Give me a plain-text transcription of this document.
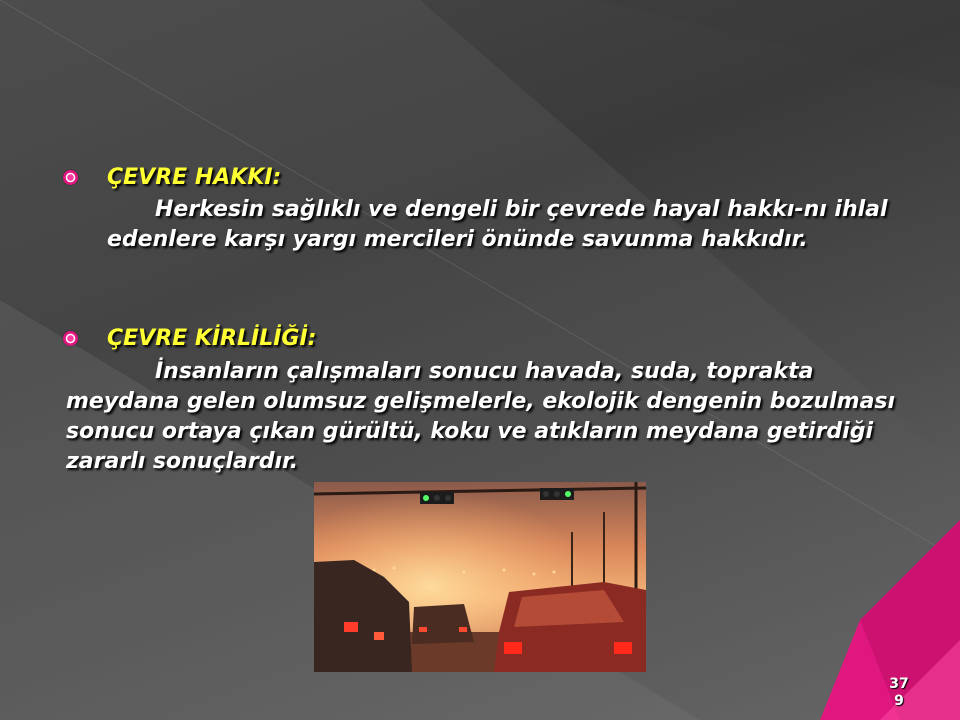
ÇEVRE HAKKI:
Herkesin sağlıklı ve dengeli bir çevrede hayal hakkı-nı ihlal edenlere karşı yargı mercileri önünde savunma hakkıdır.
ÇEVRE KİRLİLİĞİ:
İnsanların çalışmaları sonucu havada, suda, toprakta meydana gelen olumsuz gelişmelerle, ekolojik dengenin bozulması sonucu ortaya çıkan gürültü, koku ve atıkların meydana getirdiği zararlı sonuçlardır.
379
